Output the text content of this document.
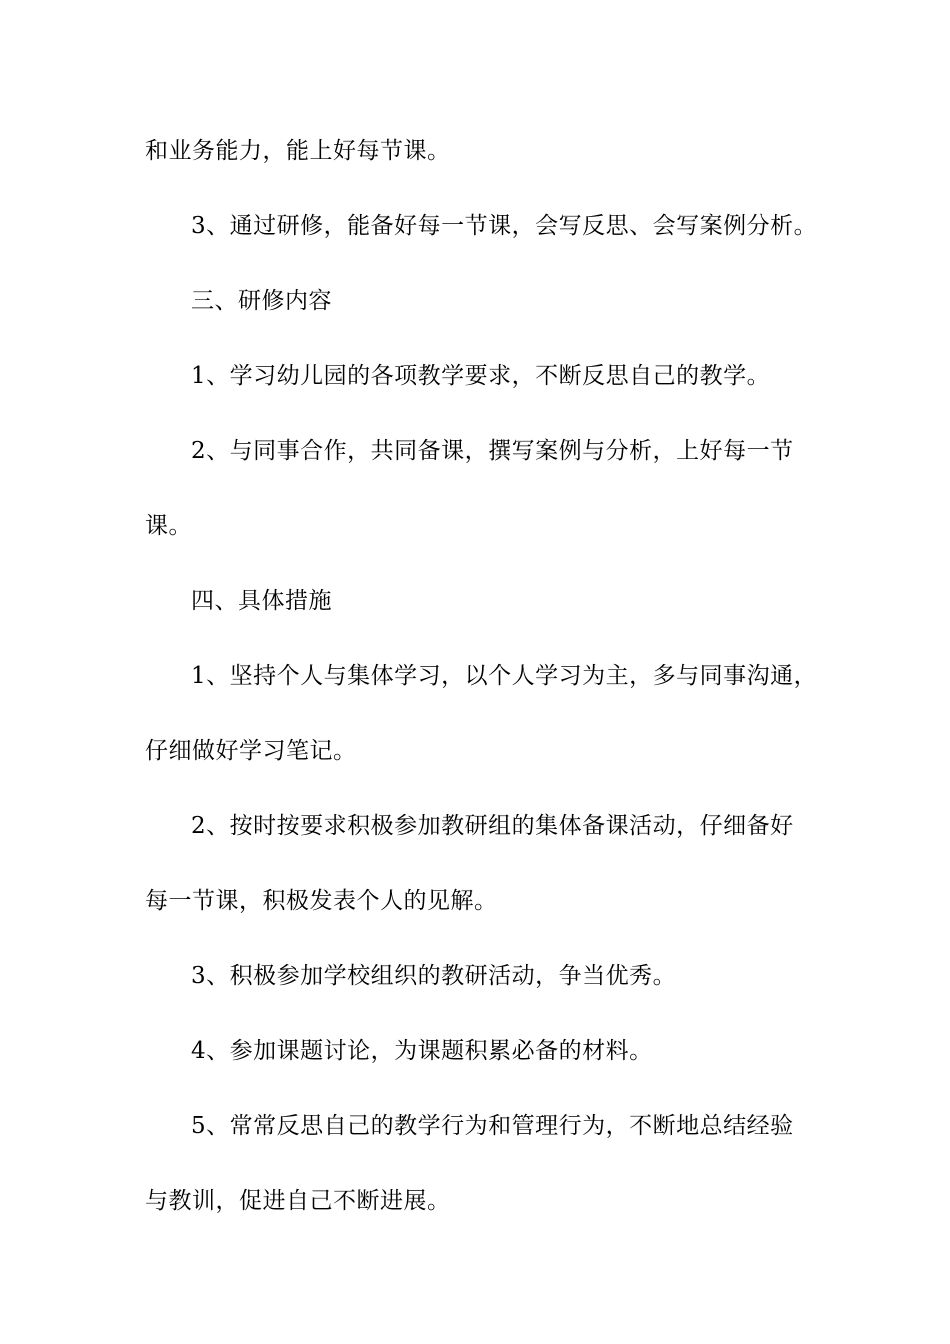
和业务能力，能上好每节课。

3、通过研修，能备好每一节课，会写反思、会写案例分析。

三、研修内容

1、学习幼儿园的各项教学要求，不断反思自己的教学。

2、与同事合作，共同备课，撰写案例与分析，上好每一节

课。

四、具体措施

1、坚持个人与集体学习，以个人学习为主，多与同事沟通，

仔细做好学习笔记。

2、按时按要求积极参加教研组的集体备课活动，仔细备好

每一节课，积极发表个人的见解。

3、积极参加学校组织的教研活动，争当优秀。

4、参加课题讨论，为课题积累必备的材料。

5、常常反思自己的教学行为和管理行为，不断地总结经验

与教训，促进自己不断进展。
